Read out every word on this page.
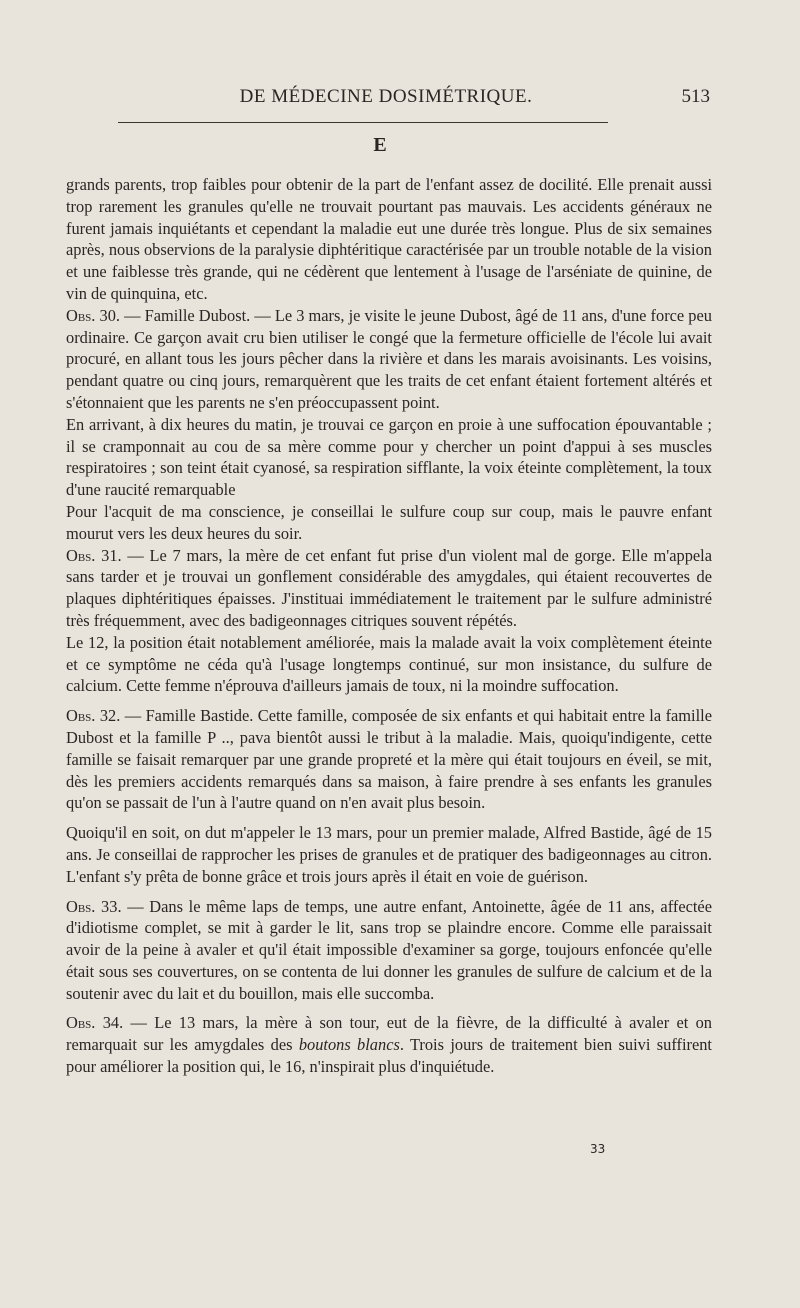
DE MÉDECINE DOSIMÉTRIQUE.	513
E

grands parents, trop faibles pour obtenir de la part de l'enfant assez de docilité. Elle prenait aussi trop rarement les granules qu'elle ne trouvait pourtant pas mauvais. Les accidents généraux ne furent jamais inquiétants et cependant la maladie eut une durée très longue. Plus de six semaines après, nous observions de la paralysie diphtéritique caractérisée par un trouble notable de la vision et une faiblesse très grande, qui ne cédèrent que lentement à l'usage de l'arséniate de quinine, de vin de quinquina, etc.

Obs. 30. — Famille Dubost. — Le 3 mars, je visite le jeune Dubost, âgé de 11 ans, d'une force peu ordinaire. Ce garçon avait cru bien utiliser le congé que la fermeture officielle de l'école lui avait procuré, en allant tous les jours pêcher dans la rivière et dans les marais avoisinants. Les voisins, pendant quatre ou cinq jours, remarquèrent que les traits de cet enfant étaient fortement altérés et s'étonnaient que les parents ne s'en préoccupassent point.

En arrivant, à dix heures du matin, je trouvai ce garçon en proie à une suffocation épouvantable ; il se cramponnait au cou de sa mère comme pour y chercher un point d'appui à ses muscles respiratoires ; son teint était cyanosé, sa respiration sifflante, la voix éteinte complètement, la toux d'une raucité remarquable

Pour l'acquit de ma conscience, je conseillai le sulfure coup sur coup, mais le pauvre enfant mourut vers les deux heures du soir.

Obs. 31. — Le 7 mars, la mère de cet enfant fut prise d'un violent mal de gorge. Elle m'appela sans tarder et je trouvai un gonflement considérable des amygdales, qui étaient recouvertes de plaques diphtéritiques épaisses. J'instituai immédiatement le traitement par le sulfure administré très fréquemment, avec des badigeonnages citriques souvent répétés.

Le 12, la position était notablement améliorée, mais la malade avait la voix complètement éteinte et ce symptôme ne céda qu'à l'usage longtemps continué, sur mon insistance, du sulfure de calcium. Cette femme n'éprouva d'ailleurs jamais de toux, ni la moindre suffocation.

Obs. 32. — Famille Bastide. Cette famille, composée de six enfants et qui habitait entre la famille Dubost et la famille P .., pava bientôt aussi le tribut à la maladie. Mais, quoiqu'indigente, cette famille se faisait remarquer par une grande propreté et la mère qui était toujours en éveil, se mit, dès les premiers accidents remarqués dans sa maison, à faire prendre à ses enfants les granules qu'on se passait de l'un à l'autre quand on n'en avait plus besoin.

Quoiqu'il en soit, on dut m'appeler le 13 mars, pour un premier malade, Alfred Bastide, âgé de 15 ans. Je conseillai de rapprocher les prises de granules et de pratiquer des badigeonnages au citron. L'enfant s'y prêta de bonne grâce et trois jours après il était en voie de guérison.

Obs. 33. — Dans le même laps de temps, une autre enfant, Antoinette, âgée de 11 ans, affectée d'idiotisme complet, se mit à garder le lit, sans trop se plaindre encore. Comme elle paraissait avoir de la peine à avaler et qu'il était impossible d'examiner sa gorge, toujours enfoncée qu'elle était sous ses couvertures, on se contenta de lui donner les granules de sulfure de calcium et de la soutenir avec du lait et du bouillon, mais elle succomba.

Obs. 34. — Le 13 mars, la mère à son tour, eut de la fièvre, de la difficulté à avaler et on remarquait sur les amygdales des boutons blancs. Trois jours de traitement bien suivi suffirent pour améliorer la position qui, le 16, n'inspirait plus d'inquiétude.

33
